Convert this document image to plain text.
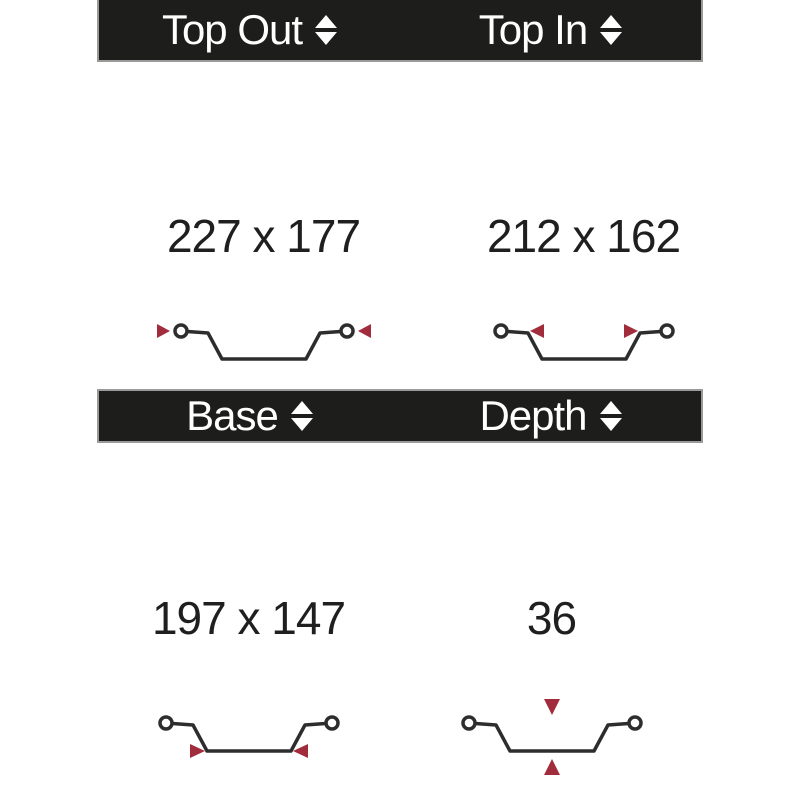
Top Out	Top In
227 x 177	212 x 162
Base	Depth
197 x 147	36
